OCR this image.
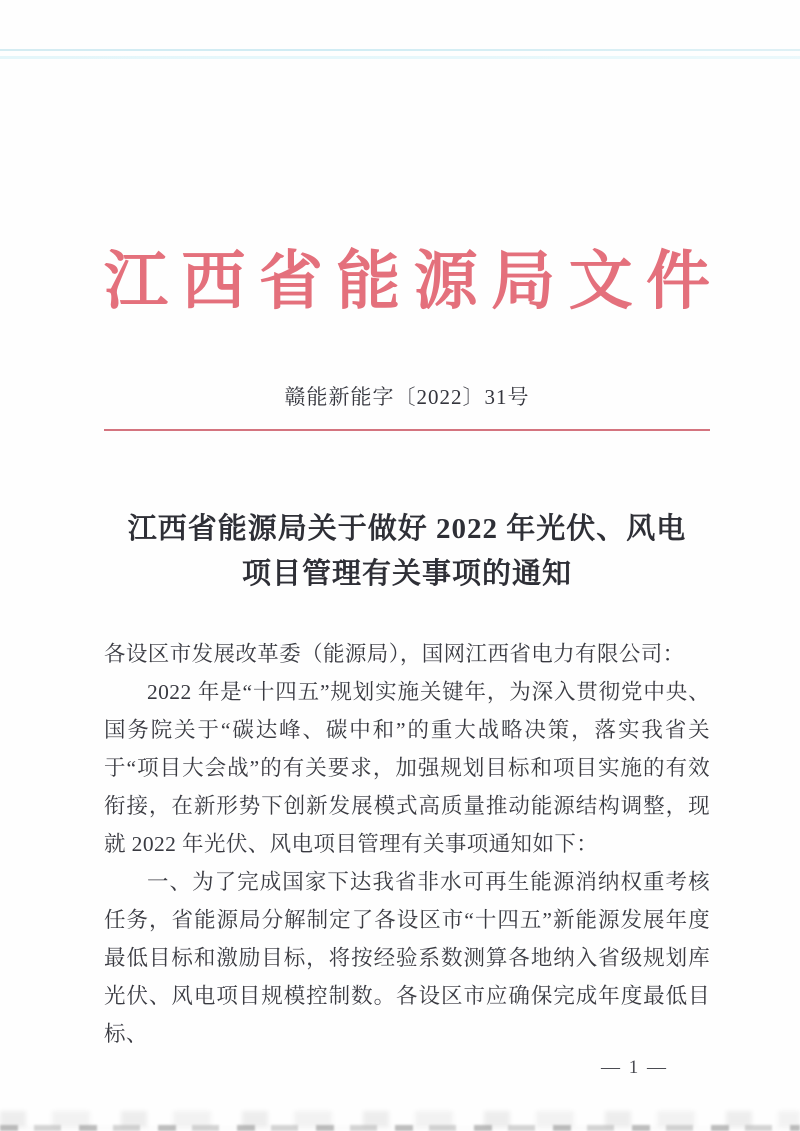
江西省能源局文件
赣能新能字〔2022〕31号
江西省能源局关于做好 2022 年光伏、风电
项目管理有关事项的通知

各设区市发展改革委（能源局），国网江西省电力有限公司：

2022 年是“十四五”规划实施关键年，为深入贯彻党中央、国务院关于“碳达峰、碳中和”的重大战略决策，落实我省关于“项目大会战”的有关要求，加强规划目标和项目实施的有效衔接，在新形势下创新发展模式高质量推动能源结构调整，现就 2022 年光伏、风电项目管理有关事项通知如下：

一、为了完成国家下达我省非水可再生能源消纳权重考核任务，省能源局分解制定了各设区市“十四五”新能源发展年度最低目标和激励目标，将按经验系数测算各地纳入省级规划库光伏、风电项目规模控制数。各设区市应确保完成年度最低目标、

— 1 —
